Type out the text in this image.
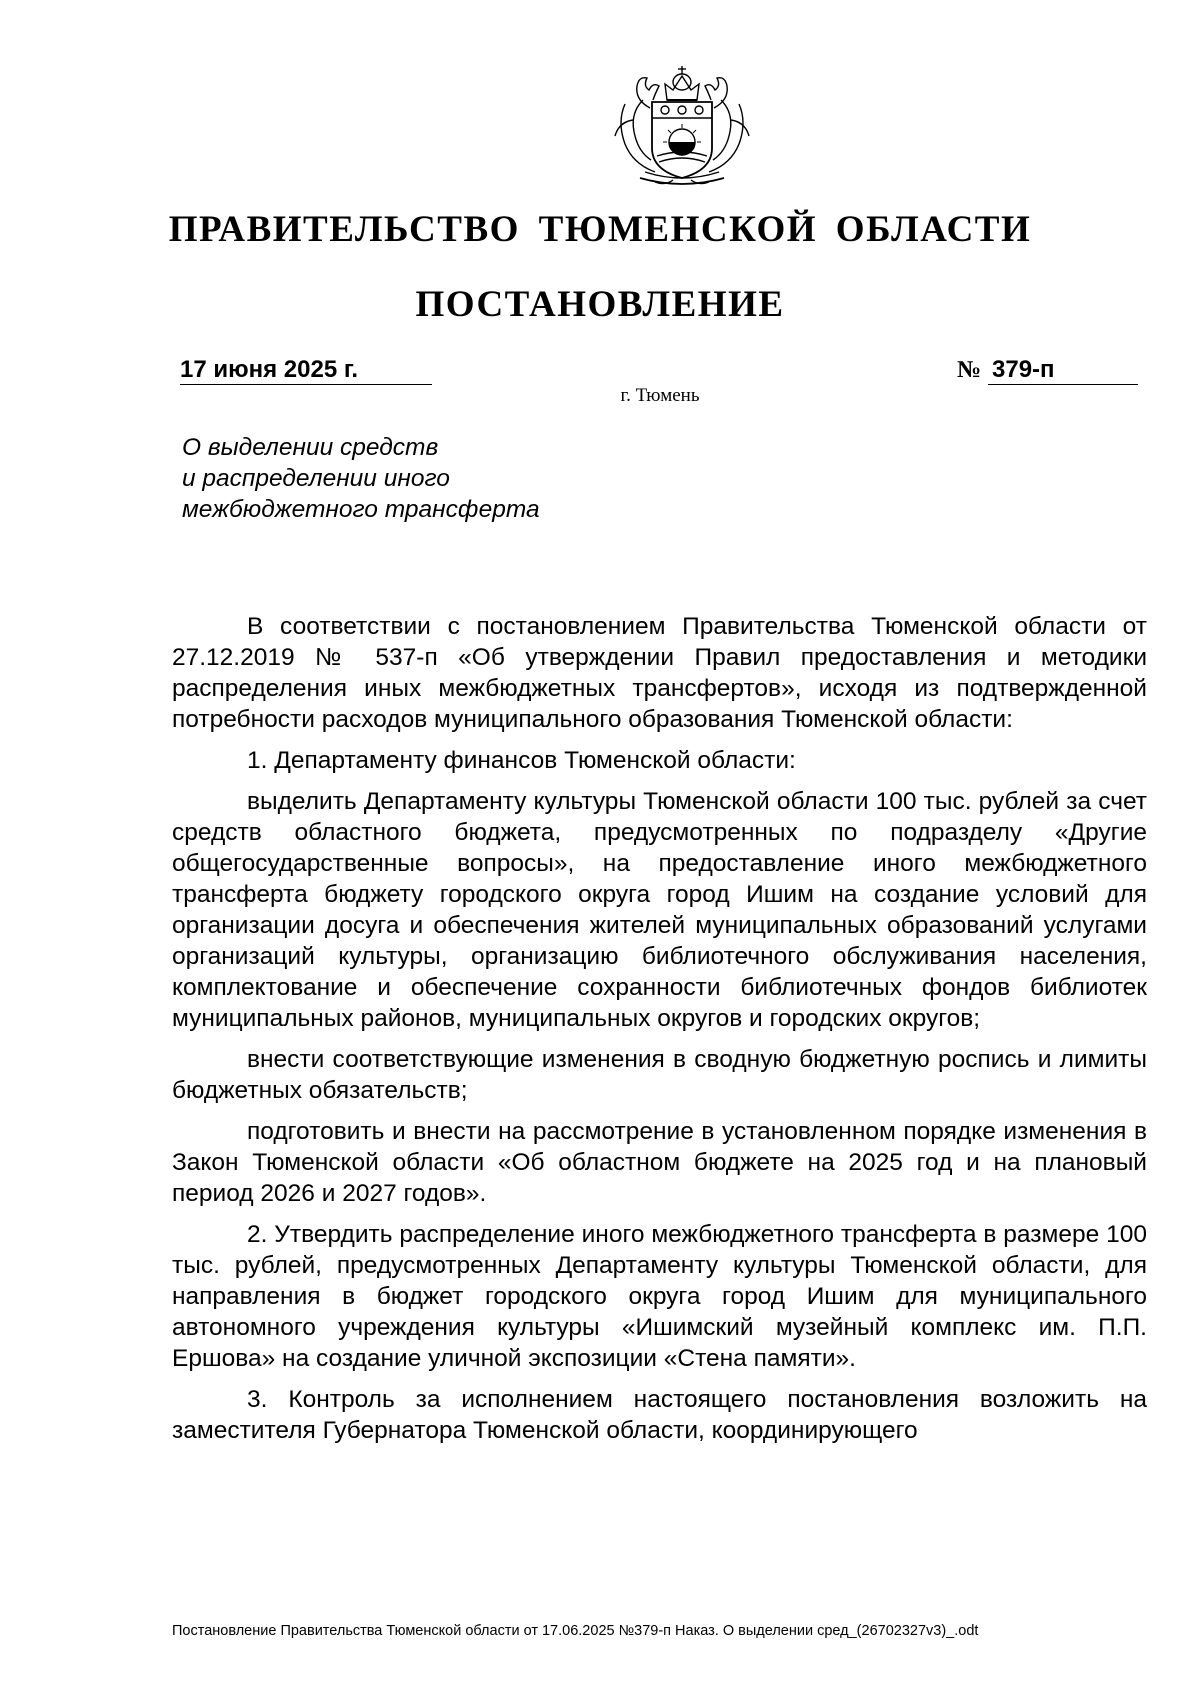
ПРАВИТЕЛЬСТВО ТЮМЕНСКОЙ ОБЛАСТИ
ПОСТАНОВЛЕНИЕ
17 июня 2025 г.	№ 379-п
г. Тюмень
О выделении средств
и распределении иного
межбюджетного трансферта

В соответствии с постановлением Правительства Тюменской области от 27.12.2019 № 537-п «Об утверждении Правил предоставления и методики распределения иных межбюджетных трансфертов», исходя из подтвержденной потребности расходов муниципального образования Тюменской области:

1. Департаменту финансов Тюменской области:

выделить Департаменту культуры Тюменской области 100 тыс. рублей за счет средств областного бюджета, предусмотренных по подразделу «Другие общегосударственные вопросы», на предоставление иного межбюджетного трансферта бюджету городского округа город Ишим на создание условий для организации досуга и обеспечения жителей муниципальных образований услугами организаций культуры, организацию библиотечного обслуживания населения, комплектование и обеспечение сохранности библиотечных фондов библиотек муниципальных районов, муниципальных округов и городских округов;

внести соответствующие изменения в сводную бюджетную роспись и лимиты бюджетных обязательств;

подготовить и внести на рассмотрение в установленном порядке изменения в Закон Тюменской области «Об областном бюджете на 2025 год и на плановый период 2026 и 2027 годов».

2. Утвердить распределение иного межбюджетного трансферта в размере 100 тыс. рублей, предусмотренных Департаменту культуры Тюменской области, для направления в бюджет городского округа город Ишим для муниципального автономного учреждения культуры «Ишимский музейный комплекс им. П.П. Ершова» на создание уличной экспозиции «Стена памяти».

3. Контроль за исполнением настоящего постановления возложить на заместителя Губернатора Тюменской области, координирующего

Постановление Правительства Тюменской области от 17.06.2025 №379-п Наказ. О выделении сред_(26702327v3)_.odt
